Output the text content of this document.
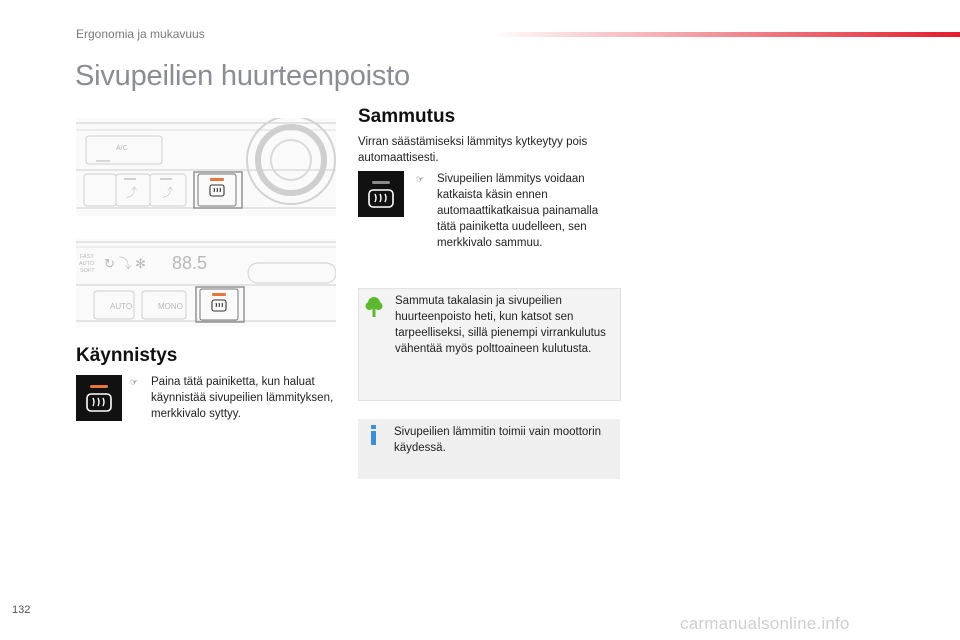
Ergonomia ja mukavuus
Sivupeilien huurteenpoisto
A/C
⤴ ⤴
FAST
AUTO
SOFT ↻ ⤵ ✻ 88.5
AUTO	MONO
Käynnistys
☞	Paina tätä painiketta, kun haluat käynnistää sivupeilien lämmityksen, merkkivalo syttyy.
Sammutus

Virran säästämiseksi lämmitys kytkeytyy pois automaattisesti.

☞	Sivupeilien lämmitys voidaan katkaista käsin ennen automaattikatkaisua painamalla tätä painiketta uudelleen, sen merkkivalo sammuu.

Sammuta takalasin ja sivupeilien huurteenpoisto heti, kun katsot sen tarpeelliseksi, sillä pienempi virrankulutus vähentää myös polttoaineen kulutusta.

Sivupeilien lämmitin toimii vain moottorin käydessä.

132
carmanualsonline.info
